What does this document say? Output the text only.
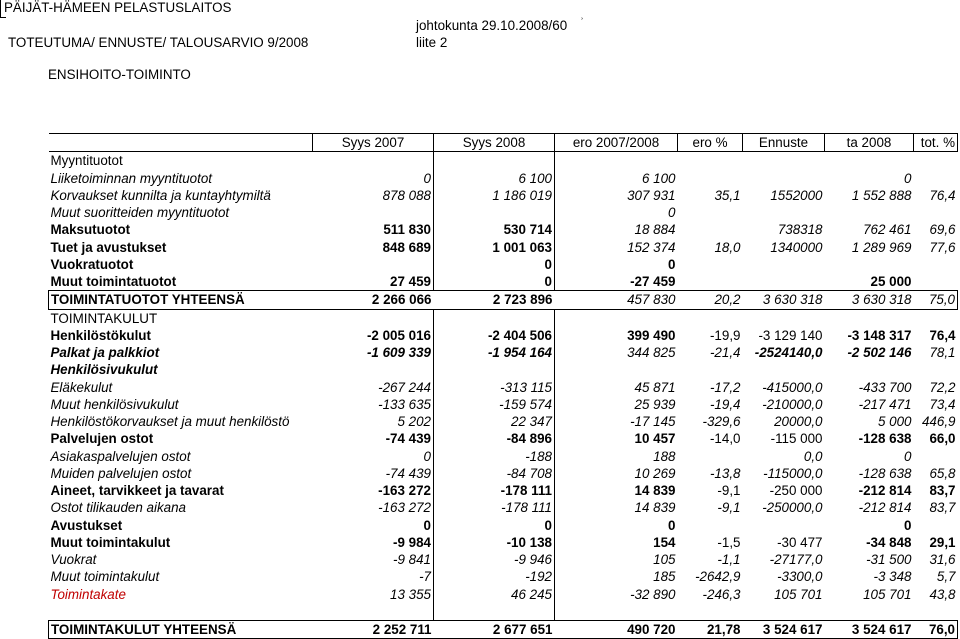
PÄIJÄT-HÄMEEN PELASTUSLAITOS
TOTEUTUMA/ ENNUSTE/ TALOUSARVIO 9/2008
johtokunta 29.10.2008/60 ʾ
liite 2
ENSIHOITO-TOIMINTO
	Syys 2007	Syys 2008	ero 2007/2008	ero %	Ennuste	ta 2008	tot. %
Myyntituotot							
Liiketoiminnan myyntituotot	0	6 100	6 100			0	
Korvaukset kunnilta ja kuntayhtymiltä	878 088	1 186 019	307 931	35,1	1552000	1 552 888	76,4
Muut suoritteiden myyntituotot			0				
Maksutuotot	511 830	530 714	18 884		738318	762 461	69,6
Tuet ja avustukset	848 689	1 001 063	152 374	18,0	1340000	1 289 969	77,6
Vuokratuotot		0	0				
Muut toimintatuotot	27 459	0	-27 459			25 000	
TOIMINTATUOTOT YHTEENSÄ	2 266 066	2 723 896	457 830	20,2	3 630 318	3 630 318	75,0
TOIMINTAKULUT							
Henkilöstökulut	-2 005 016	-2 404 506	399 490	-19,9	-3 129 140	-3 148 317	76,4
Palkat ja palkkiot	-1 609 339	-1 954 164	344 825	-21,4	-2524140,0	-2 502 146	78,1
Henkilösivukulut							
Eläkekulut	-267 244	-313 115	45 871	-17,2	-415000,0	-433 700	72,2
Muut henkilösivukulut	-133 635	-159 574	25 939	-19,4	-210000,0	-217 471	73,4
Henkilöstökorvaukset ja muut henkilöstö	5 202	22 347	-17 145	-329,6	20000,0	5 000	446,9
Palvelujen ostot	-74 439	-84 896	10 457	-14,0	-115 000	-128 638	66,0
Asiakaspalvelujen ostot	0	-188	188		0,0	0	
Muiden palvelujen ostot	-74 439	-84 708	10 269	-13,8	-115000,0	-128 638	65,8
Aineet, tarvikkeet ja tavarat	-163 272	-178 111	14 839	-9,1	-250 000	-212 814	83,7
Ostot tilikauden aikana	-163 272	-178 111	14 839	-9,1	-250000,0	-212 814	83,7
Avustukset	0	0	0			0	
Muut toimintakulut	-9 984	-10 138	154	-1,5	-30 477	-34 848	29,1
Vuokrat	-9 841	-9 946	105	-1,1	-27177,0	-31 500	31,6
Muut toimintakulut	-7	-192	185	-2642,9	-3300,0	-3 348	5,7
Toimintakate	13 355	46 245	-32 890	-246,3	105 701	105 701	43,8

TOIMINTAKULUT YHTEENSÄ	2 252 711	2 677 651	490 720	21,78	3 524 617	3 524 617	76,0
